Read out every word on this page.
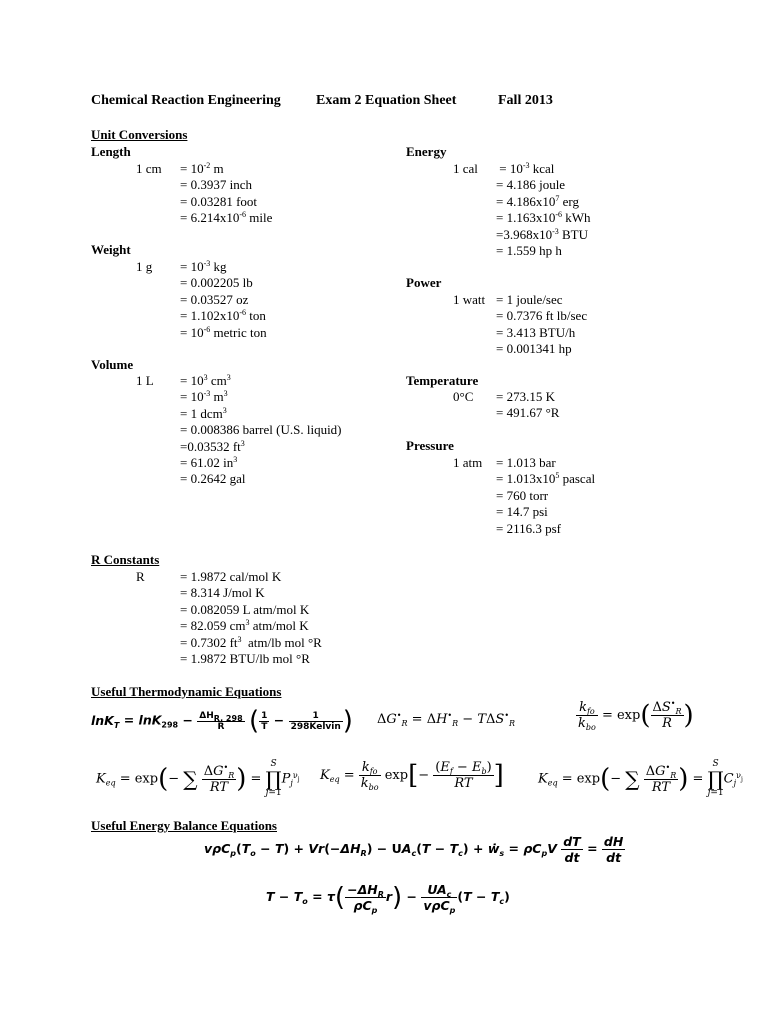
Chemical Reaction Engineering	Exam 2 Equation Sheet	Fall 2013
Unit Conversions
Length
1 cm = $10^{-2}$ m
= 0.3937 inch
= 0.03281 foot
= $6.214x10^{-6}$ mile
Weight
1 $g = 10^{-3}$ kg
= 0.002205 lb
= 0.03527 oz
= $1.102x10^{-6}$ ton
= $10^{-6}$ metric ton
Volume
1 $L = 10^3$ $cm^3$
= $10^{-3}$ $m^3$
= 1 dcm$^3$
= 0.008386 barrel (U.S. liquid)
=0.03532 $ft^3$
= 61.02 $in^3$
= 0.2642 gal
Energy
1 cal = $10^{-3}$ kcal
= 4.186 joule
= $4.186x10^7$ erg
= $1.163x10^{-6}$ kWh
$=3.968x10^{-3}$ BTU
= 1.559 hp h
Power
1 watt = 1 joule/sec
= 0.7376 ft lb/sec
= 3.413 BTU/h
= 0.001341 hp
Temperature
0°C = 273.15 K
= 491.67 °R
Pressure
1 atm = 1.013 bar
= $1.013x10^5$ pascal
= 760 torr
= 14.7 psi
= 2116.3 psf
R Constants
R	= 1.9872 cal/mol K
= 8.314 J/mol K
= 0.082059 L atm/mol K
= 82.059 $cm^3$ atm/mol K
= 0.7302 $ft^3$  atm/lb mol °R
= 1.9872 BTU/lb mol °R
Useful Thermodynamic Equations
$\ln K_T = \ln K_{298} - \frac{\Delta H_{R, 298}}{R}$ ( $\frac{1}{T} - \frac{1}{\text{298Kelvin}}$ ) $\Delta G^•_R = \Delta H^•_R - T\Delta S^•_R$	$\frac{k_{fo}}{k_{bo}} = \exp( \frac{\Delta S^•_R}{R}$ )
$K_{eq} = \exp(-$ ∑ $\frac{\Delta G^•_R}{RT}$ ) = S
∏
$j=1P_j^{\nu_j}$ $K_{eq} = \frac{k_{fo}}{k_{bo}} \exp[- \frac{(E_f - E_b)}{RT}$ ]	$K_{eq} = \exp(-$ ∑ $\frac{\Delta G^•_R}{RT}$ ) = S
∏
$j=1C_j^{\nu_j}$
Useful Energy Balance Equations
$v\rho C_p(T_o - T) + Vr(-\Delta H_R) - UA_c(T - T_c)$ + ẇ$_s$ = $\rho C_pV \frac{dT}{dt} = \frac{dH}{dt}$
$T - T_o = \tau( \frac{-\Delta H_R}{\rho C_p} r) - \frac{UA_c}{v\rho C_p} (T - T_c)$
